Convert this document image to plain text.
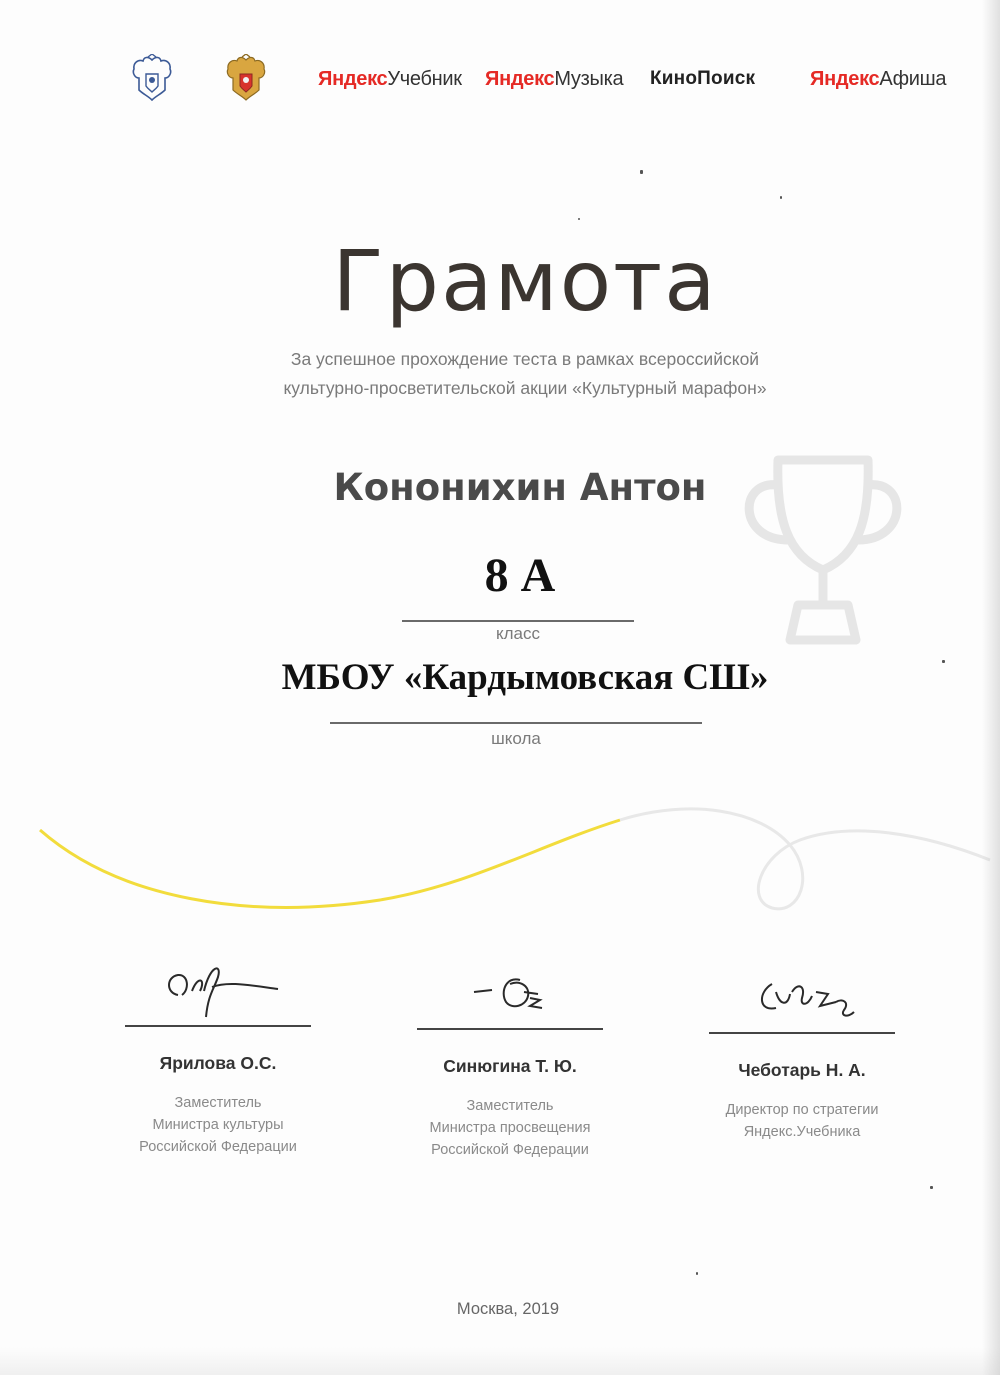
ЯндексУчебник ЯндексМузыка КиноПоиск	ЯндексАфиша
Грамота
За успешное прохождение теста в рамках всероссийской
культурно-просветительской акции «Культурный марафон»
Кононихин Антон
8 А
класс
МБОУ «Кардымовская СШ»
школа
Ярилова О.С.
Заместитель
Министра культуры
Российской Федерации
Синюгина Т. Ю.
Заместитель
Министра просвещения
Российской Федерации
Чеботарь Н. А.
Директор по стратегии
Яндекс.Учебника
Москва, 2019
